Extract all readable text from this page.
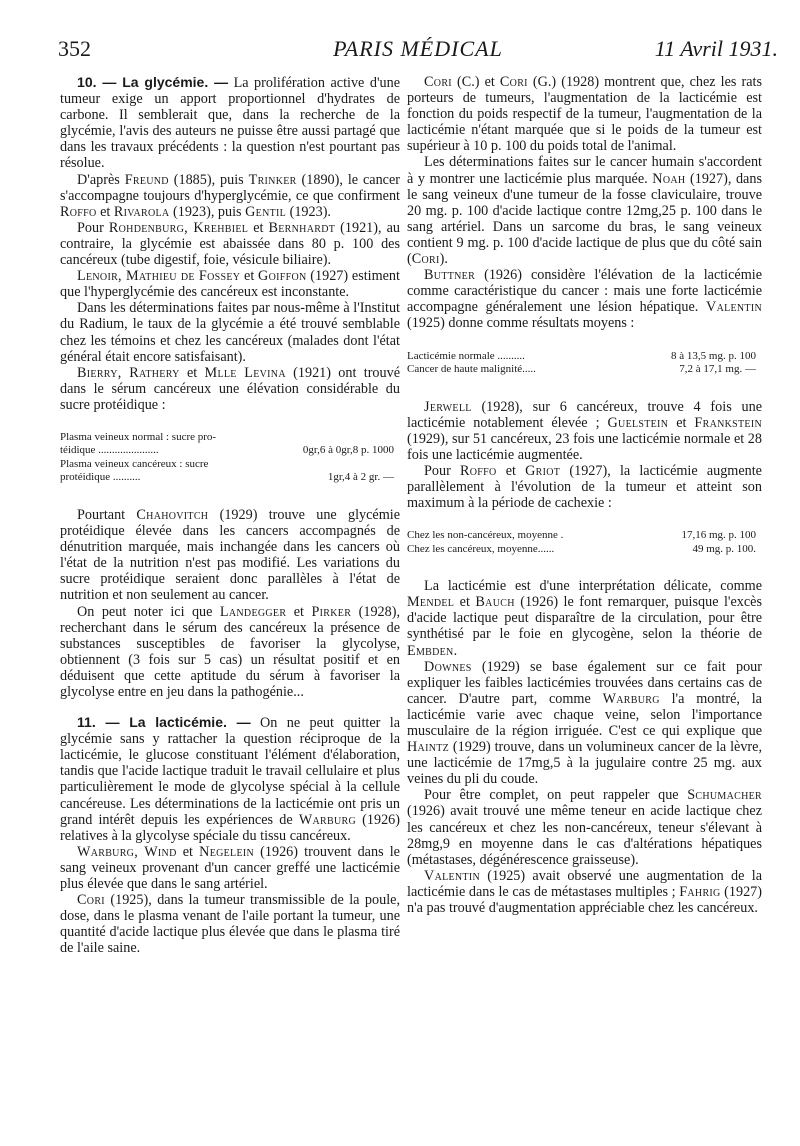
352	PARIS MÉDICAL	11 Avril 1931.

10. — La glycémie. — La prolifération active d'une tumeur exige un apport proportionnel d'hydrates de carbone. Il semblerait que, dans la recherche de la glycémie, l'avis des auteurs ne puisse être aussi partagé que dans les travaux précédents : la question n'est pourtant pas résolue.

D'après Freund (1885), puis Trinker (1890), le cancer s'accompagne toujours d'hyperglycémie, ce que confirment Roffo et Rivarola (1923), puis Gentil (1923).

Pour Rohdenburg, Krehbiel et Bernhardt (1921), au contraire, la glycémie est abaissée dans 80 p. 100 des cancéreux (tube digestif, foie, vésicule biliaire).

Lenoir, Mathieu de Fossey et Goiffon (1927) estiment que l'hyperglycémie des cancéreux est inconstante.

Dans les déterminations faites par nous-même à l'Institut du Radium, le taux de la glycémie a été trouvé semblable chez les témoins et chez les cancéreux (malades dont l'état général était encore satisfaisant).

Bierry, Rathery et Mlle Levina (1921) ont trouvé dans le sérum cancéreux une élévation considérable du sucre protéidique :

Plasma veineux normal : sucre pro-
téidique ......................	0gr,6 à 0gr,8 p. 1000
Plasma veineux cancéreux : sucre
protéidique ..........	1gr,4 à 2 gr. —

Pourtant Chahovitch (1929) trouve une glycémie protéidique élevée dans les cancers accompagnés de dénutrition marquée, mais inchangée dans les cancers où l'état de la nutrition n'est pas modifié. Les variations du sucre protéidique seraient donc parallèles à l'état de nutrition et non seulement au cancer.

On peut noter ici que Landegger et Pirker (1928), recherchant dans le sérum des cancéreux la présence de substances susceptibles de favoriser la glycolyse, obtiennent (3 fois sur 5 cas) un résultat positif et en déduisent que cette aptitude du sérum à favoriser la glycolyse entre en jeu dans la pathogénie...

11. — La lacticémie. — On ne peut quitter la glycémie sans y rattacher la question réciproque de la lacticémie, le glucose constituant l'élément d'élaboration, tandis que l'acide lactique traduit le travail cellulaire et plus particulièrement le mode de glycolyse spécial à la cellule cancéreuse. Les déterminations de la lacticémie ont pris un grand intérêt depuis les expériences de Warburg (1926) relatives à la glycolyse spéciale du tissu cancéreux.

Warburg, Wind et Negelein (1926) trouvent dans le sang veineux provenant d'un cancer greffé une lacticémie plus élevée que dans le sang artériel.

Cori (1925), dans la tumeur transmissible de la poule, dose, dans le plasma venant de l'aile portant la tumeur, une quantité d'acide lactique plus élevée que dans le plasma tiré de l'aile saine.

Cori (C.) et Cori (G.) (1928) montrent que, chez les rats porteurs de tumeurs, l'augmentation de la lacticémie est fonction du poids respectif de la tumeur, l'augmentation de la lacticémie n'étant marquée que si le poids de la tumeur est supérieur à 10 p. 100 du poids total de l'animal.

Les déterminations faites sur le cancer humain s'accordent à y montrer une lacticémie plus marquée. Noah (1927), dans le sang veineux d'une tumeur de la fosse claviculaire, trouve 20 mg. p. 100 d'acide lactique contre 12mg,25 p. 100 dans le sang artériel. Dans un sarcome du bras, le sang veineux contient 9 mg. p. 100 d'acide lactique de plus que du côté sain (Cori).

Buttner (1926) considère l'élévation de la lacticémie comme caractéristique du cancer : mais une forte lacticémie accompagne généralement une lésion hépatique. Valentin (1925) donne comme résultats moyens :

Lacticémie normale ..........	8 à 13,5 mg. p. 100
Cancer de haute malignité.....	7,2 à 17,1 mg. —

Jerwell (1928), sur 6 cancéreux, trouve 4 fois une lacticémie notablement élevée ; Guelstein et Frankstein (1929), sur 51 cancéreux, 23 fois une lacticémie normale et 28 fois une lacticémie augmentée.

Pour Roffo et Griot (1927), la lacticémie augmente parallèlement à l'évolution de la tumeur et atteint son maximum à la période de cachexie :

Chez les non-cancéreux, moyenne .	17,16 mg. p. 100
Chez les cancéreux, moyenne......	49 mg. p. 100.

La lacticémie est d'une interprétation délicate, comme Mendel et Bauch (1926) le font remarquer, puisque l'excès d'acide lactique peut disparaître de la circulation, pour être synthétisé par le foie en glycogène, selon la théorie de Embden.

Downes (1929) se base également sur ce fait pour expliquer les faibles lacticémies trouvées dans certains cas de cancer. D'autre part, comme Warburg l'a montré, la lacticémie varie avec chaque veine, selon l'importance musculaire de la région irriguée. C'est ce qui explique que Haintz (1929) trouve, dans un volumineux cancer de la lèvre, une lacticémie de 17mg,5 à la jugulaire contre 25 mg. aux veines du pli du coude.

Pour être complet, on peut rappeler que Schumacher (1926) avait trouvé une même teneur en acide lactique chez les cancéreux et chez les non-cancéreux, teneur s'élevant à 28mg,9 en moyenne dans le cas d'altérations hépatiques (métastases, dégénérescence graisseuse).

Valentin (1925) avait observé une augmentation de la lacticémie dans le cas de métastases multiples ; Fahrig (1927) n'a pas trouvé d'augmentation appréciable chez les cancéreux.
